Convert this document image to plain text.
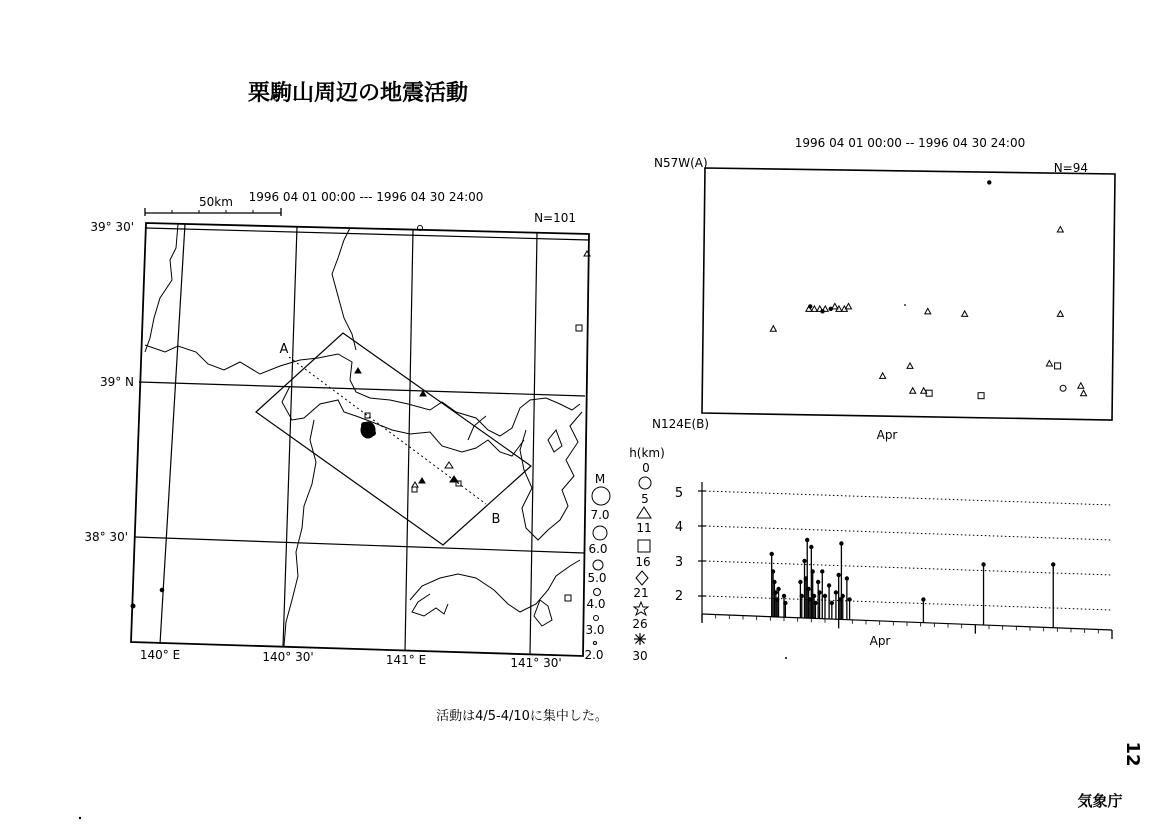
栗駒山周辺の地震活動
1996 04 01 00:00 --- 1996 04 30 24:00
50km
N=101
A
B
39° 30'
39° N
38° 30'
140° E	140° 30'	141° E	141° 30'
M
7.0
6.0
5.0
4.0
3.0
2.0
h(km)
0
5
11
16
21
26
30
1996 04 01 00:00 -- 1996 04 30 24:00
N57W(A)	N=94
N124E(B)
Apr
5
4
3
2
Apr
活動は4/5-4/10に集中した。
12
気象庁
